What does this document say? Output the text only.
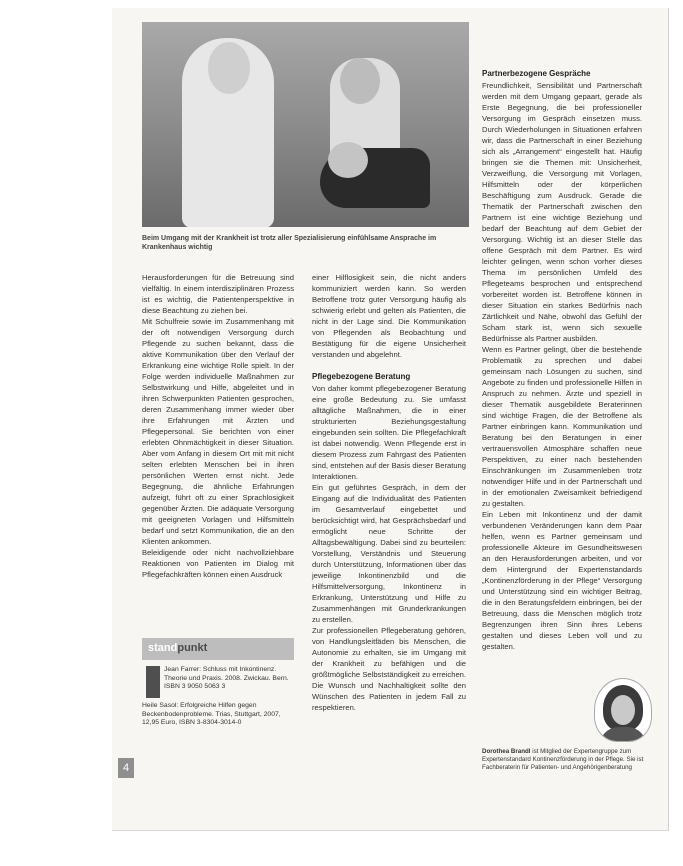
Beim Umgang mit der Krankheit ist trotz aller Spezialisierung einfühlsame Ansprache im Krankenhaus wichtig

Herausforderungen für die Betreuung sind vielfältig. In einem interdisziplinären Prozess ist es wichtig, die Patientenperspektive in diese Beachtung zu ziehen bei.

Mit Schulfreie sowie im Zusammenhang mit der oft notwendigen Versorgung durch Pflegende zu suchen bekannt, dass die aktive Kommunikation über den Verlauf der Erkrankung eine wichtige Rolle spielt. In der Folge werden individuelle Maßnahmen zur Selbstwirkung und Hilfe, abgeleitet und in ihren Schwerpunkten Patienten gesprochen, deren Zusammenhang immer wieder über ihre Erfahrungen mit Ärzten und Pflegepersonal. Sie berichten von einer erlebten Ohnmächtigkeit in dieser Situation. Aber vom Anfang in diesem Ort mit mit nicht selten erlebten Menschen bei in ihren persönlichen Werten ernst nicht. Jede Begegnung, die ähnliche Erfahrungen aufzeigt, führt oft zu einer Sprachlosigkeit gegenüber Ärzten. Die adäquate Versorgung mit geeigneten Vorlagen und Hilfsmitteln bedarf und setzt Kommunikation, die an den Klienten ankommen.

Beleidigende oder nicht nachvollziehbare Reaktionen von Patienten im Dialog mit Pflegefachkräften können einen Ausdruck

standpunkt
Jean Farrer: Schluss mit Inkontinenz. Theorie und Praxis. 2008. Zwickau. Bern. ISBN 3 9050 5063 3
Heile Sasol: Erfolgreiche Hilfen gegen Beckenbodenprobleme. Trias, Stuttgart, 2007, 12,95 Euro, ISBN 3-8304-3014-0

einer Hilflosigkeit sein, die nicht anders kommuniziert werden kann. So werden Betroffene trotz guter Versorgung häufig als schwierig erlebt und gelten als Patienten, die nicht in der Lage sind. Die Kommunikation von Pflegenden als Beobachtung und Bestätigung für die eigene Unsicherheit verstanden und abgelehnt.

Pflegebezogene Beratung

Von daher kommt pflegebezogener Beratung eine große Bedeutung zu. Sie umfasst alltägliche Maßnahmen, die in einer strukturierten Beziehungsgestaltung eingebunden sein sollten. Die Pflegefachkraft ist dabei notwendig. Wenn Pflegende erst in diesem Prozess zum Fahrgast des Patienten sind, entstehen auf der Basis dieser Beratung Interaktionen.

Ein gut geführtes Gespräch, in dem der Eingang auf die Individualität des Patienten im Gesamtverlauf eingebettet und berücksichtigt wird, hat Gesprächsbedarf und ermöglicht neue Schritte der Alltagsbewältigung. Dabei sind zu beurteilen: Vorstellung, Verständnis und Steuerung durch Unterstützung, Informationen über das jeweilige Inkontinenzbild und die Hilfsmittelversorgung, Inkontinenz in Erkrankung, Unterstützung und Hilfe zu Zusammenhängen mit Grunderkrankungen zu erstellen.

Zur professionellen Pflegeberatung gehören, von Handlungsleitfäden bis Menschen, die Autonomie zu erhalten, sie im Umgang mit der Krankheit zu befähigen und die größtmögliche Selbstständigkeit zu erreichen. Die Wunsch und Nachhaltigkeit sollte den Wünschen des Patienten in jedem Fall zu respektieren.

Partnerbezogene Gespräche

Freundlichkeit, Sensibilität und Partnerschaft werden mit dem Umgang gepaart, gerade als Erste Begegnung, die bei professioneller Versorgung im Gespräch einsetzen muss. Durch Wiederholungen in Situationen erfahren wir, dass die Partnerschaft in einer Beziehung sich als „Arrangement“ eingestellt hat. Häufig bringen sie die Themen mit: Unsicherheit, Verzweiflung, die Versorgung mit Vorlagen, Hilfsmitteln oder der körperlichen Beschäftigung zum Ausdruck. Gerade die Thematik der Partnerschaft zwischen den Partnern ist eine wichtige Beziehung und bedarf der Beachtung auf dem Gebiet der Versorgung. Wichtig ist an dieser Stelle das offene Gespräch mit dem Partner. Es wird leichter gelingen, wenn schon vorher dieses Thema im persönlichen Umfeld des Pflegeteams besprochen und entsprechend vorbereitet worden ist. Betroffene können in dieser Situation ein starkes Bedürfnis nach Zärtlichkeit und Nähe, obwohl das Gefühl der Scham stark ist, wenn sich sexuelle Bedürfnisse als Partner ausbilden.

Wenn es Partner gelingt, über die bestehende Problematik zu sprechen und dabei gemeinsam nach Lösungen zu suchen, sind Angebote zu finden und professionelle Hilfen in Anspruch zu nehmen. Ärzte und speziell in dieser Thematik ausgebildete Beraterinnen sind wichtige Fragen, die der Betroffene als Partner einbringen kann. Kommunikation und Beratung bei den Beratungen in einer vertrauensvollen Atmosphäre schaffen neue Perspektiven, zu einer nach bestehenden Einschränkungen im Zusammenleben trotz notwendiger Hilfe und in der Partnerschaft und in der emotionalen Zweisamkeit befriedigend zu gestalten.

Ein Leben mit Inkontinenz und der damit verbundenen Veränderungen kann dem Paar helfen, wenn es Partner gemeinsam und professionelle Akteure im Gesundheitswesen an den Herausforderungen arbeiten, und vor dem Hintergrund der Expertenstandards „Kontinenzförderung in der Pflege“ Versorgung und Unterstützung sind ein wichtiger Beitrag, die in den Beratungsfeldern einbringen, bei der Betreuung, dass die Menschen möglich trotz Begrenzungen ihren Sinn ihres Lebens gestalten und dieses Leben voll und zu gestalten.

Dorothea Brandl ist Mitglied der Expertengruppe zum Expertenstandard Kontinenzförderung in der Pflege. Sie ist Fachberaterin für Patienten- und Angehörigenberatung
4
